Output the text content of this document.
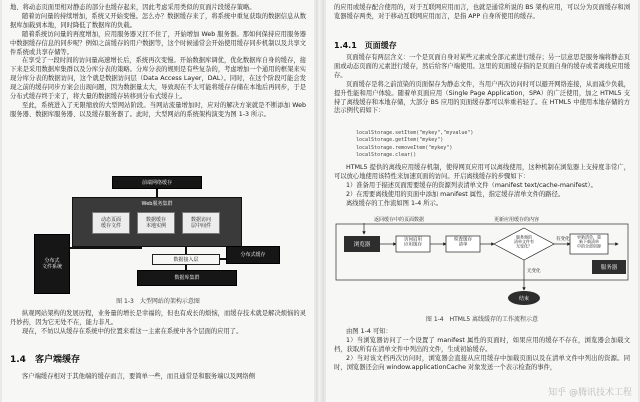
地、将动态页面里相对静态的部分也缓存起来，因此考虑采用类似的页面片段缓存策略。

随着访问量的持续增加，系统又开始变慢。怎么办？数据缓存来了，将系统中重复获取的数据信息从数据库加载到本地，同时降低了数据库的负载。

随着系统访问量的再度增加，应用服务器又扛不住了，开始增加 Web 服务器。那如何保持应用服务器中数据缓存信息的同步呢？例如之前缓存的用户数据等，这个时候通常会开始使用缓存同步机制以及共享文件系统或共享存储等。

在享受了一段时间的访问量高速增长后，系统再次变慢。开始数据库调优，优化数据库自身的缓存，接下来是采用数据库集群以及分库分表的策略。分库分表的规则是有些复杂的，考虑增加一个通用的框架来实现分库分表的数据访问，这个就是数据访问层（Data Access Layer，DAL）。同时，在这个阶段可能会发现之前的缓存同步方案会出现问题，因为数据量太大，导致现在不太可能将缓存存储在本地后再同步，于是分布式缓存终于来了，将大量的数据缓存转移到分布式缓存上。

至此，系统进入了无限缩放的大型网站阶段。当网站流量增加时，应对的解决方案就是不断添加 Web 服务器、数据库服务器、以及缓存服务器了。此时，大型网站的系统架构演变为图 1-3 所示。

前端网络缓存
Web服务集群
动态页面
缓存文件
数据缓存
本地实例
数据访问
层中间件
分布式
文件系统
数据接入层
分布式缓存
数据库集群
图 1-3　大型网站的架构示意图

纵观网站架构的发展历程，业务量的增长是幸福的，但也有成长的烦恼，而缓存技术就是解决烦恼的灵丹妙药，因为它无处不在，能力非凡。

现在，不妨以从缓存在系统中的位置来看这一主素在系统中各个层面的应用了。

1.4　客户端缓存

客户端缓存相对于其他端的缓存而言，要简单一些，而且通常是和服务端以及网络侧

的应用或缓存配合使用的，对于互联网应用而言，也就是通常所说的 BS 架构应用，可以分为页面缓存和浏览器缓存两类，对于移动互联网应用而言，是指 APP 自身所使用的缓存。

1.4.1　页面缓存

页面缓存有两层含义：一个是页面自身对某些元素或全部元素进行缓存；另一层意思是服务端将静态页面或动态页面的元素进行缓存，然后给客户端使用。这里的页面缓存指的是页面自身的缓存或者离线应用缓存。

页面缓存是将之前渲染的页面保存为静态文件，当用户再次访问时可以避开网络连接，从而减少负载，提升性能和用户体验。随着单页面应用（Single Page Application，SPA）的广泛使用，加之 HTML5 支持了离线缓存和本地存储，大部分 BS 应用的页面缓存都可以举重若轻了。在 HTML5 中使用本地存储的方法示例代码如下：

localStorage.setItem("mykey","myvalue")
localStorage.getItem("mykey")
localStorage.removeItem("mykey")
localStorage.clear()

HTML5 提供的离线应用缓存机制，使得网页应用可以离线使用，这种机制在浏览器上支持度非常广，可以放心地使用该特性来加速页面的访问。开启离线缓存的步骤如下：

1）准备用于描述页面需要缓存的资源列表清单文件（manifest text/cache-manifest）。

2）在需要离线使用的页面中添加 manifest 属性，指定缓存清单文件的路径。

离线缓存的工作流如图 1-4 所示。

返回缓存中的页面数据	更新应用缓存的内容
浏览器
访问启用应用缓存
检查缓存清单
服务器的清单文件有无变化？
有变化 更新清单，重新下载清单中的全部资源
服务器
无变化
结束
图 1-4　HTML5 离线缓存的工作流程示意

由图 1-4 可知：

1）当浏览器访问了一个设置了 manifest 属性的页面时，如果应用的缓存不存在，浏览器会加载文档，获取所有在清单文件中列出的文件，生成初始缓存。

2）当对该文档再次访问时，浏览器会直接从应用缓存中加载页面以及在清单文件中列出的资源。同时，浏览器还会向 window.applicationCache 对象发送一个表示检查的事件，

知乎 @腾讯技术工程
